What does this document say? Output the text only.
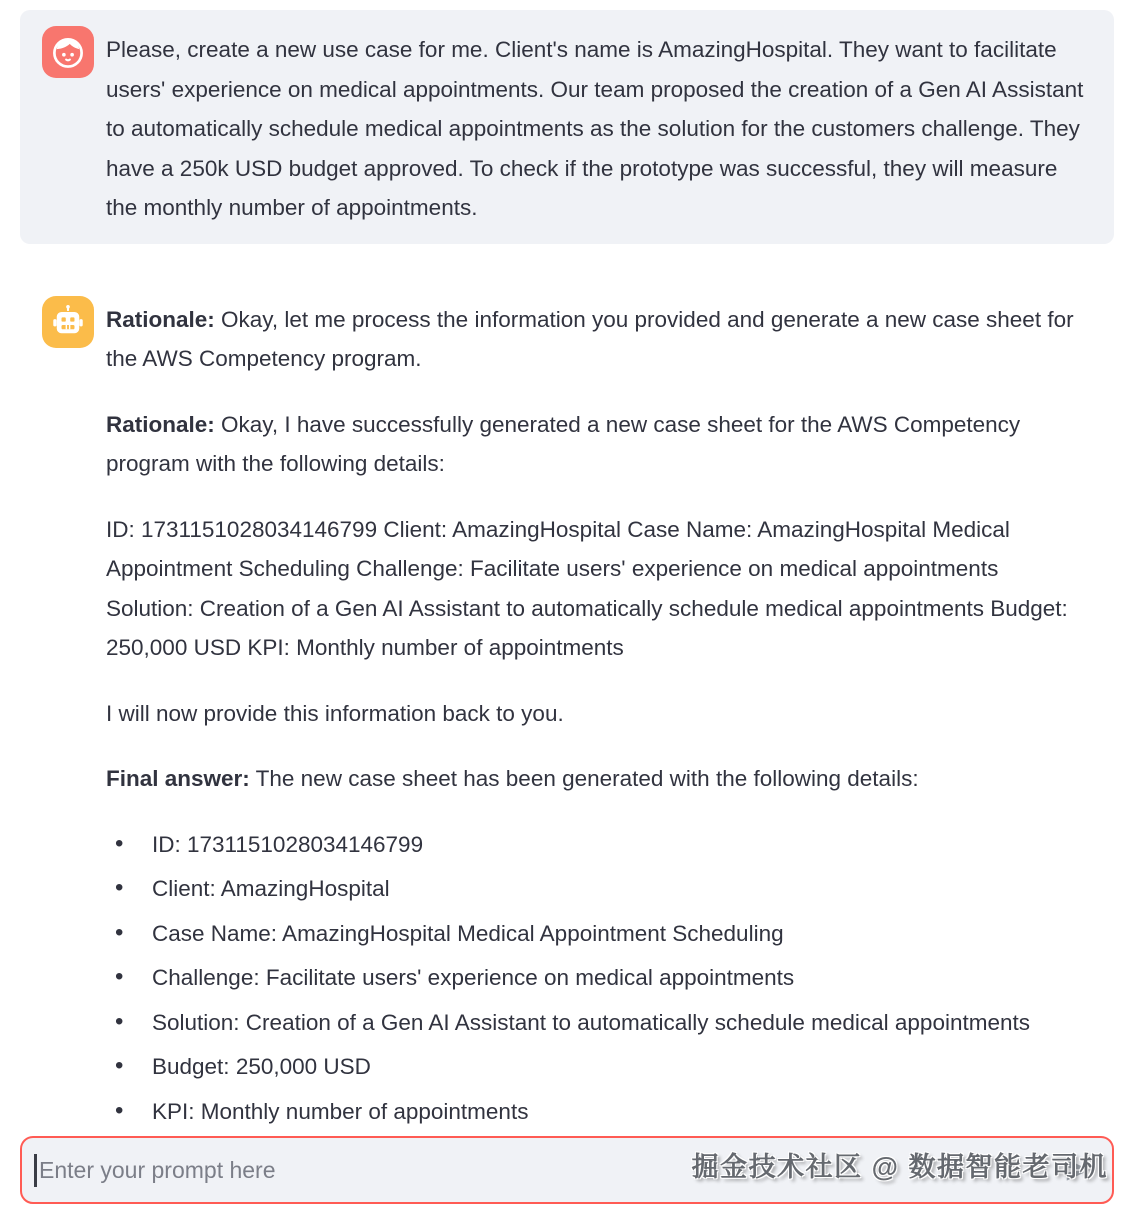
Please, create a new use case for me. Client's name is AmazingHospital. They want to facilitate users' experience on medical appointments. Our team proposed the creation of a Gen AI Assistant to automatically schedule medical appointments as the solution for the customers challenge. They have a 250k USD budget approved. To check if the prototype was successful, they will measure the monthly number of appointments.

Rationale: Okay, let me process the information you provided and generate a new case sheet for the AWS Competency program.

Rationale: Okay, I have successfully generated a new case sheet for the AWS Competency program with the following details:

ID: 1731151028034146799 Client: AmazingHospital Case Name: AmazingHospital Medical Appointment Scheduling Challenge: Facilitate users' experience on medical appointments Solution: Creation of a Gen AI Assistant to automatically schedule medical appointments Budget: 250,000 USD KPI: Monthly number of appointments

I will now provide this information back to you.

Final answer: The new case sheet has been generated with the following details:

• ID: 1731151028034146799
• Client: AmazingHospital
• Case Name: AmazingHospital Medical Appointment Scheduling
• Challenge: Facilitate users' experience on medical appointments
• Solution: Creation of a Gen AI Assistant to automatically schedule medical appointments
• Budget: 250,000 USD
• KPI: Monthly number of appointments
Enter your prompt here
掘金技术社区 @ 数据智能老司机
